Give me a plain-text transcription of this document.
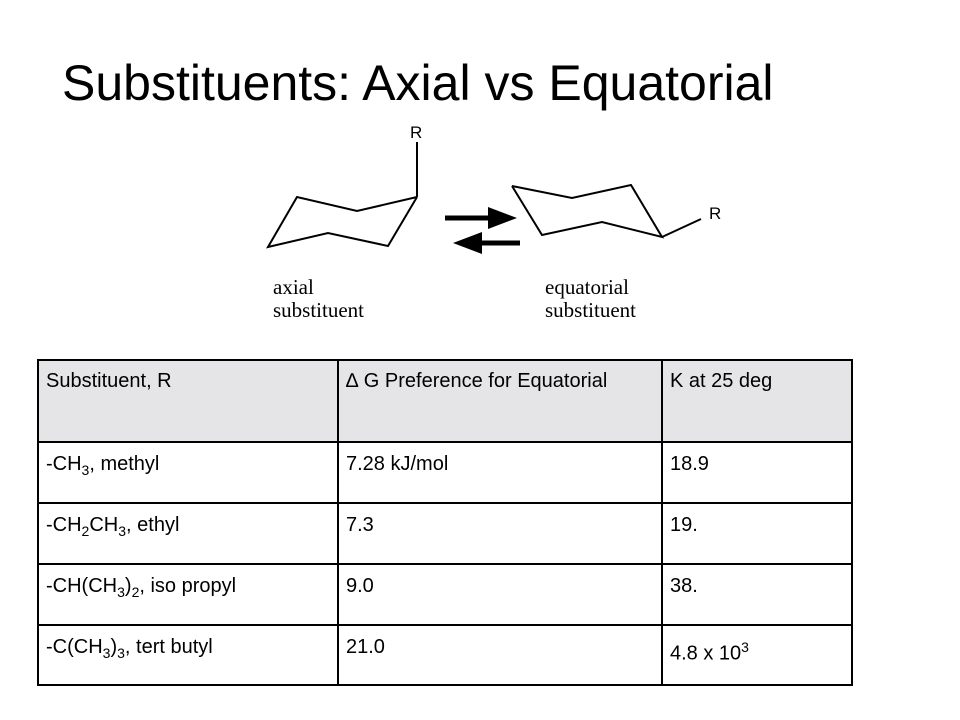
Substituents: Axial vs Equatorial
R
R
axial
substituent
equatorial
substituent
Substituent, R	∆ G Preference for Equatorial	K at 25 deg
$-CH_3$, methyl	7.28 kJ/mol	18.9
$-CH_2CH_3$, ethyl	7.3	19.
$-CH(CH_3)_2$, iso propyl	9.0	38.
$-C(CH_3)_3$, tert butyl	21.0	4.8 x $10^3$
